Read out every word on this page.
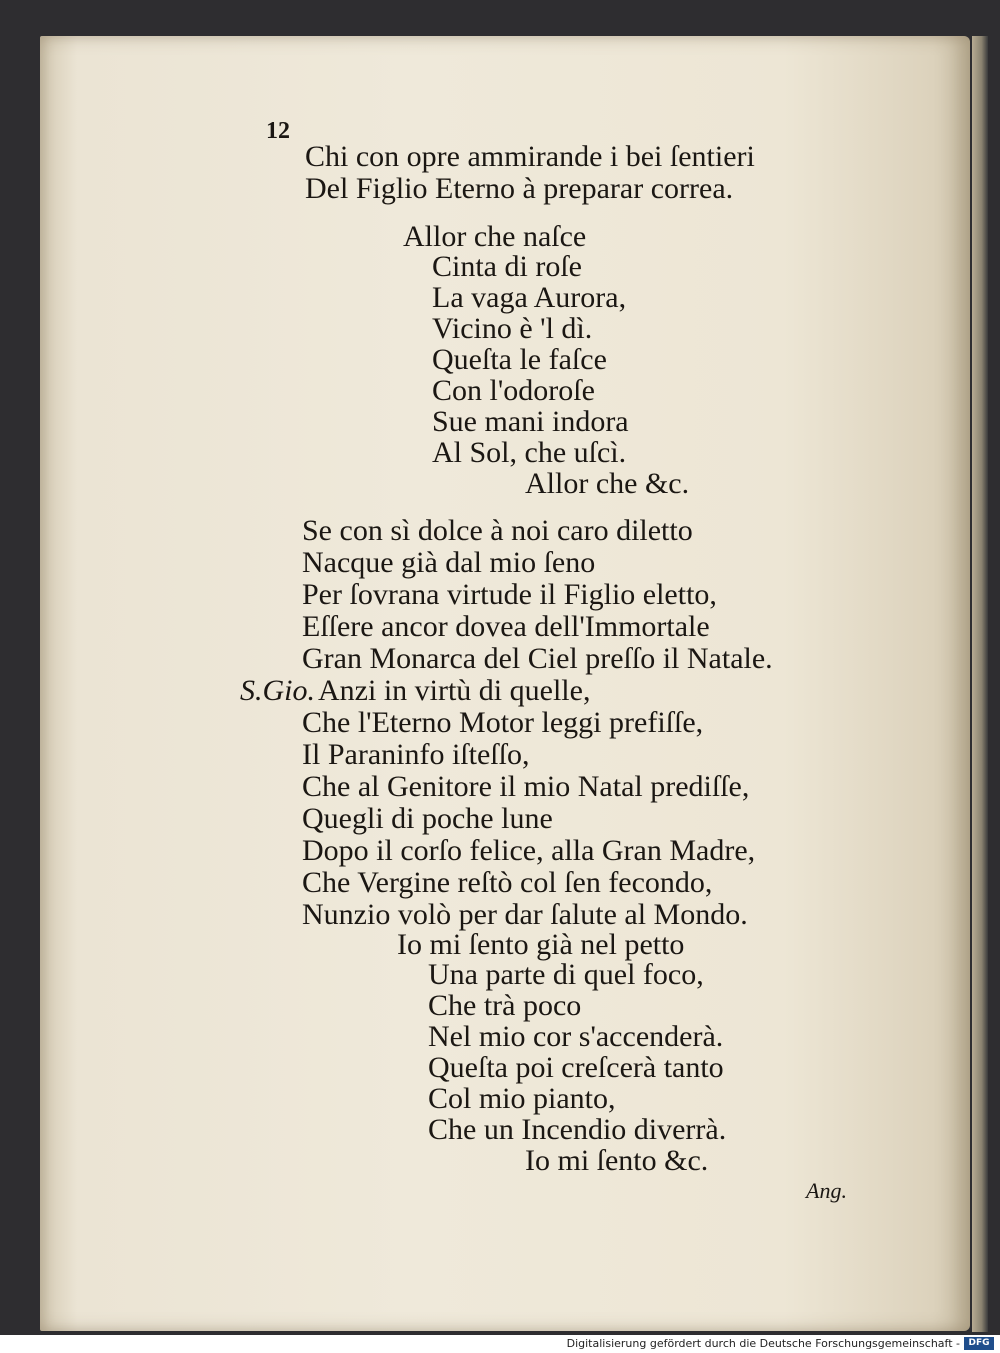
12
Chi con opre ammirande i bei ſentieri
Del Figlio Eterno à preparar correa.
Allor che naſce
Cinta di roſe
La vaga Aurora,
Vicino è 'l dì.
Queſta le faſce
Con l'odoroſe
Sue mani indora
Al Sol, che uſcì.
Allor che &c.
Se con sì dolce à noi caro diletto
Nacque già dal mio ſeno
Per ſovrana virtude il Figlio eletto,
Eſſere ancor dovea dell'Immortale
Gran Monarca del Ciel preſſo il Natale.
S.Gio. Anzi in virtù di quelle,
Che l'Eterno Motor leggi prefiſſe,
Il Paraninfo iſteſſo,
Che al Genitore il mio Natal prediſſe,
Quegli di poche lune
Dopo il corſo felice, alla Gran Madre,
Che Vergine reſtò col ſen fecondo,
Nunzio volò per dar ſalute al Mondo.
Io mi ſento già nel petto
Una parte di quel foco,
Che trà poco
Nel mio cor s'accenderà.
Queſta poi creſcerà tanto
Col mio pianto,
Che un Incendio diverrà.
Io mi ſento &c.
Ang.
Digitalisierung gefördert durch die Deutsche Forschungsgemeinschaft - DFG
